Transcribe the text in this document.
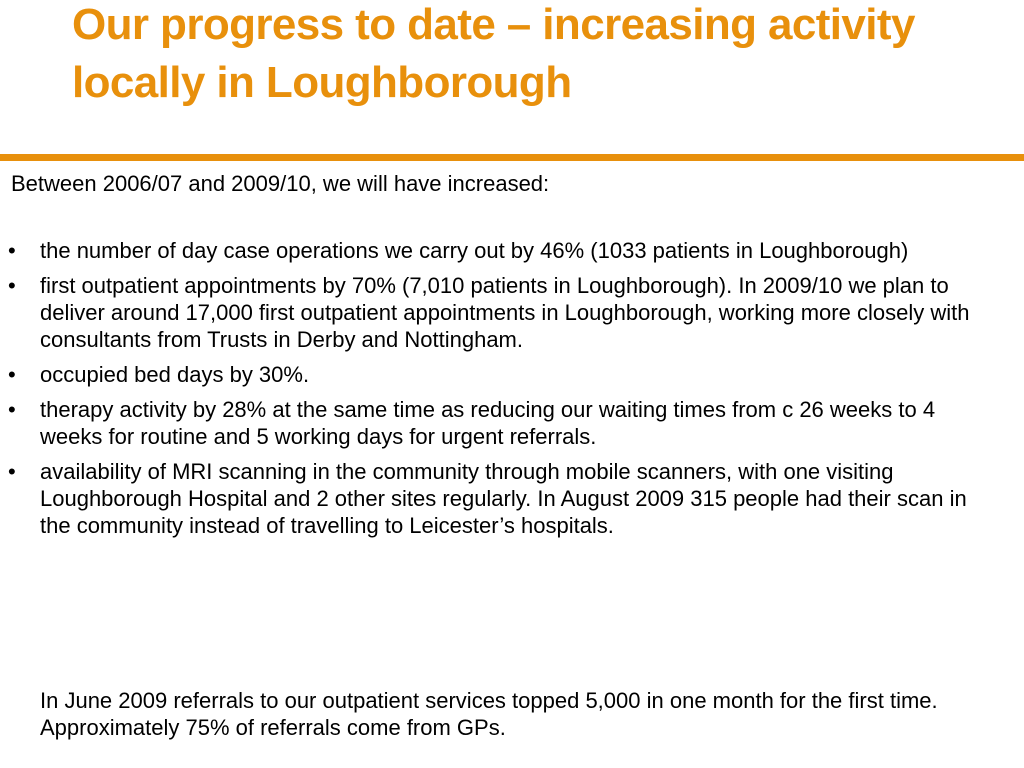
Our progress to date – increasing activity locally in Loughborough

Between 2006/07 and 2009/10, we will have increased:

• the number of day case operations we carry out by 46% (1033 patients in Loughborough)
• first outpatient appointments by 70% (7,010 patients in Loughborough). In 2009/10 we plan to deliver around 17,000 first outpatient appointments in Loughborough, working more closely with consultants from Trusts in Derby and Nottingham.
• occupied bed days by 30%.
• therapy activity by 28% at the same time as reducing our waiting times from c 26 weeks to 4 weeks for routine and 5 working days for urgent referrals.
• availability of MRI scanning in the community through mobile scanners, with one visiting Loughborough Hospital and 2 other sites regularly. In August 2009 315 people had their scan in the community instead of travelling to Leicester’s hospitals.

In June 2009 referrals to our outpatient services topped 5,000 in one month for the first time. Approximately 75% of referrals come from GPs.
